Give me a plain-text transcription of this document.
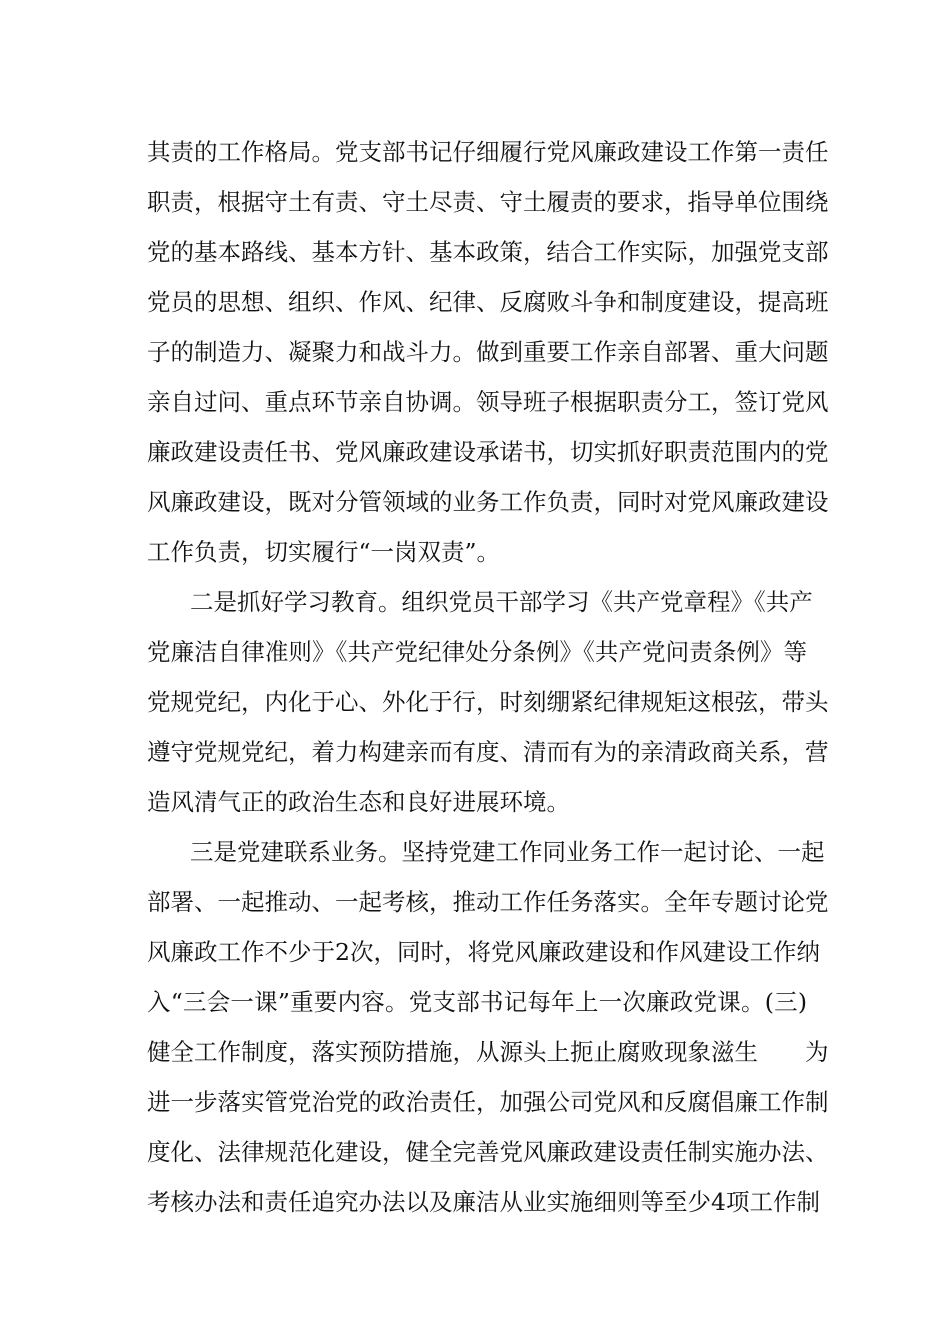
其责的工作格局。党支部书记仔细履行党风廉政建设工作第一责任
职责，根据守土有责、守土尽责、守土履责的要求，指导单位围绕
党的基本路线、基本方针、基本政策，结合工作实际，加强党支部
党员的思想、组织、作风、纪律、反腐败斗争和制度建设，提高班
子的制造力、凝聚力和战斗力。做到重要工作亲自部署、重大问题
亲自过问、重点环节亲自协调。领导班子根据职责分工，签订党风
廉政建设责任书、党风廉政建设承诺书，切实抓好职责范围内的党
风廉政建设，既对分管领域的业务工作负责，同时对党风廉政建设
工作负责，切实履行“一岗双责”。
二是抓好学习教育。组织党员干部学习《共产党章程》《共产
党廉洁自律准则》《共产党纪律处分条例》《共产党问责条例》等
党规党纪，内化于心、外化于行，时刻绷紧纪律规矩这根弦，带头
遵守党规党纪，着力构建亲而有度、清而有为的亲清政商关系，营
造风清气正的政治生态和良好进展环境。
三是党建联系业务。坚持党建工作同业务工作一起讨论、一起
部署、一起推动、一起考核，推动工作任务落实。全年专题讨论党
风廉政工作不少于2次，同时，将党风廉政建设和作风建设工作纳
入“三会一课”重要内容。党支部书记每年上一次廉政党课。(三)
健全工作制度，落实预防措施，从源头上扼止腐败现象滋生　　为
进一步落实管党治党的政治责任，加强公司党风和反腐倡廉工作制
度化、法律规范化建设，健全完善党风廉政建设责任制实施办法、
考核办法和责任追究办法以及廉洁从业实施细则等至少4项工作制
